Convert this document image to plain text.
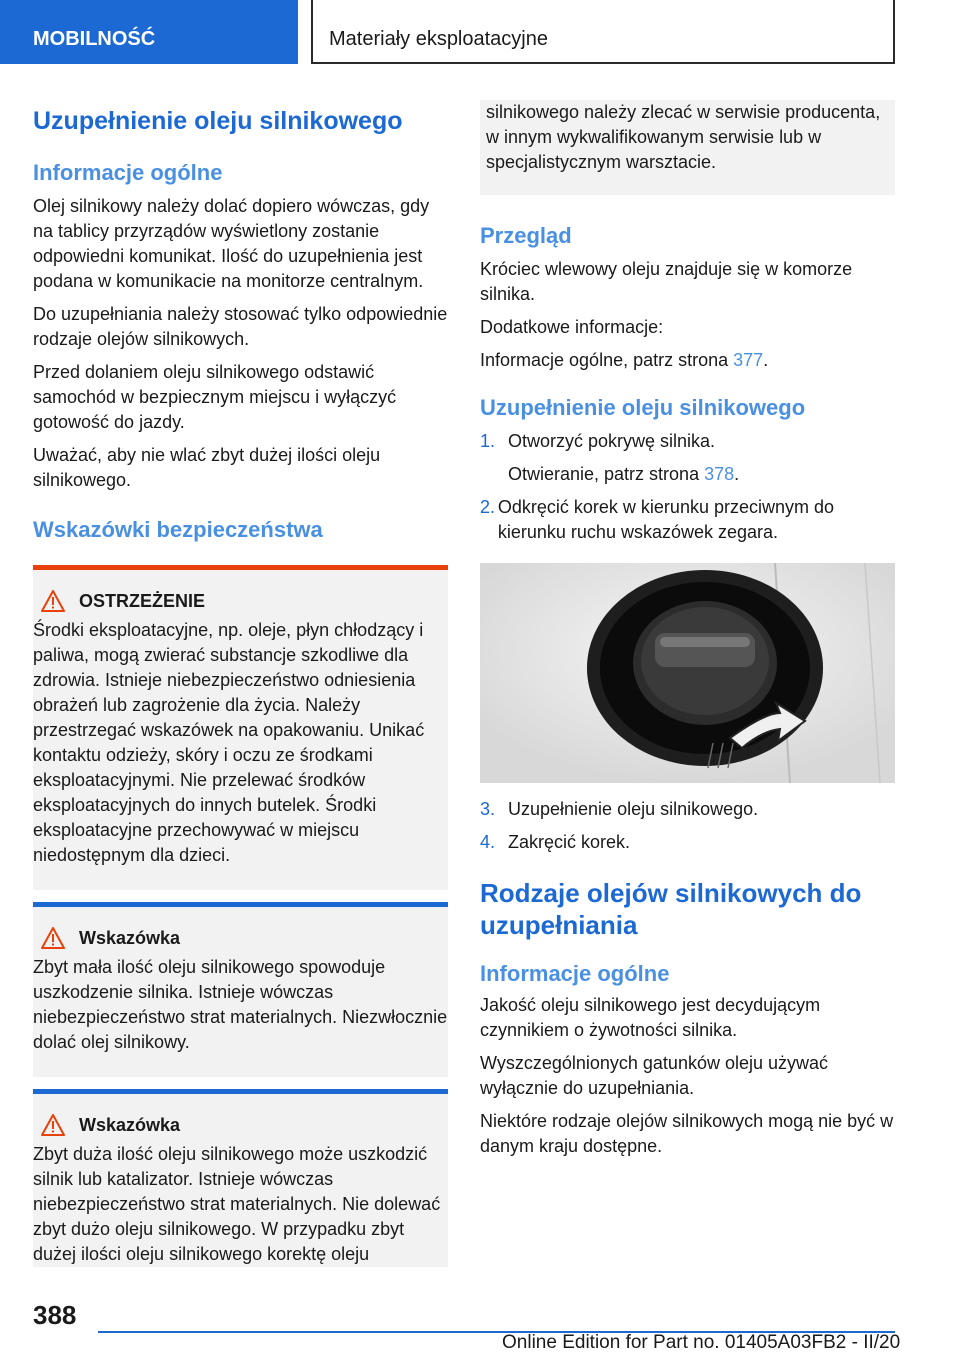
MOBILNOŚĆ	Materiały eksploatacyjne
Uzupełnienie oleju silnikowego
Informacje ogólne

Olej silnikowy należy dolać dopiero wówczas, gdy na tablicy przyrządów wyświetlony zostanie odpowiedni komunikat. Ilość do uzupełnienia jest podana w komunikacie na monitorze centralnym.

Do uzupełniania należy stosować tylko odpowiednie rodzaje olejów silnikowych.

Przed dolaniem oleju silnikowego odstawić samochód w bezpiecznym miejscu i wyłączyć gotowość do jazdy.

Uważać, aby nie wlać zbyt dużej ilości oleju silnikowego.

Wskazówki bezpieczeństwa
OSTRZEŻENIE

Środki eksploatacyjne, np. oleje, płyn chłodzący i paliwa, mogą zwierać substancje szkodliwe dla zdrowia. Istnieje niebezpieczeństwo odniesienia obrażeń lub zagrożenie dla życia. Należy przestrzegać wskazówek na opakowaniu. Unikać kontaktu odzieży, skóry i oczu ze środkami eksploatacyjnymi. Nie przelewać środków eksploatacyjnych do innych butelek. Środki eksploatacyjne przechowywać w miejscu niedostępnym dla dzieci.

Wskazówka

Zbyt mała ilość oleju silnikowego spowoduje uszkodzenie silnika. Istnieje wówczas niebezpieczeństwo strat materialnych. Niezwłocznie dolać olej silnikowy.

Wskazówka

Zbyt duża ilość oleju silnikowego może uszkodzić silnik lub katalizator. Istnieje wówczas niebezpieczeństwo strat materialnych. Nie dolewać zbyt dużo oleju silnikowego. W przypadku zbyt dużej ilości oleju silnikowego korektę oleju

silnikowego należy zlecać w serwisie producenta, w innym wykwalifikowanym serwisie lub w specjalistycznym warsztacie.

Przegląd

Króciec wlewowy oleju znajduje się w komorze silnika.

Dodatkowe informacje:

Informacje ogólne, patrz strona 377.

Uzupełnienie oleju silnikowego
1. Otworzyć pokrywę silnika.
Otwieranie, patrz strona 378.
2. Odkręcić korek w kierunku przeciwnym do kierunku ruchu wskazówek zegara.
3. Uzupełnienie oleju silnikowego.
4. Zakręcić korek.
Rodzaje olejów silnikowych do uzupełniania
Informacje ogólne

Jakość oleju silnikowego jest decydującym czynnikiem o żywotności silnika.

Wyszczególnionych gatunków oleju używać wyłącznie do uzupełniania.

Niektóre rodzaje olejów silnikowych mogą nie być w danym kraju dostępne.

388
Online Edition for Part no. 01405A03FB2 - II/20
